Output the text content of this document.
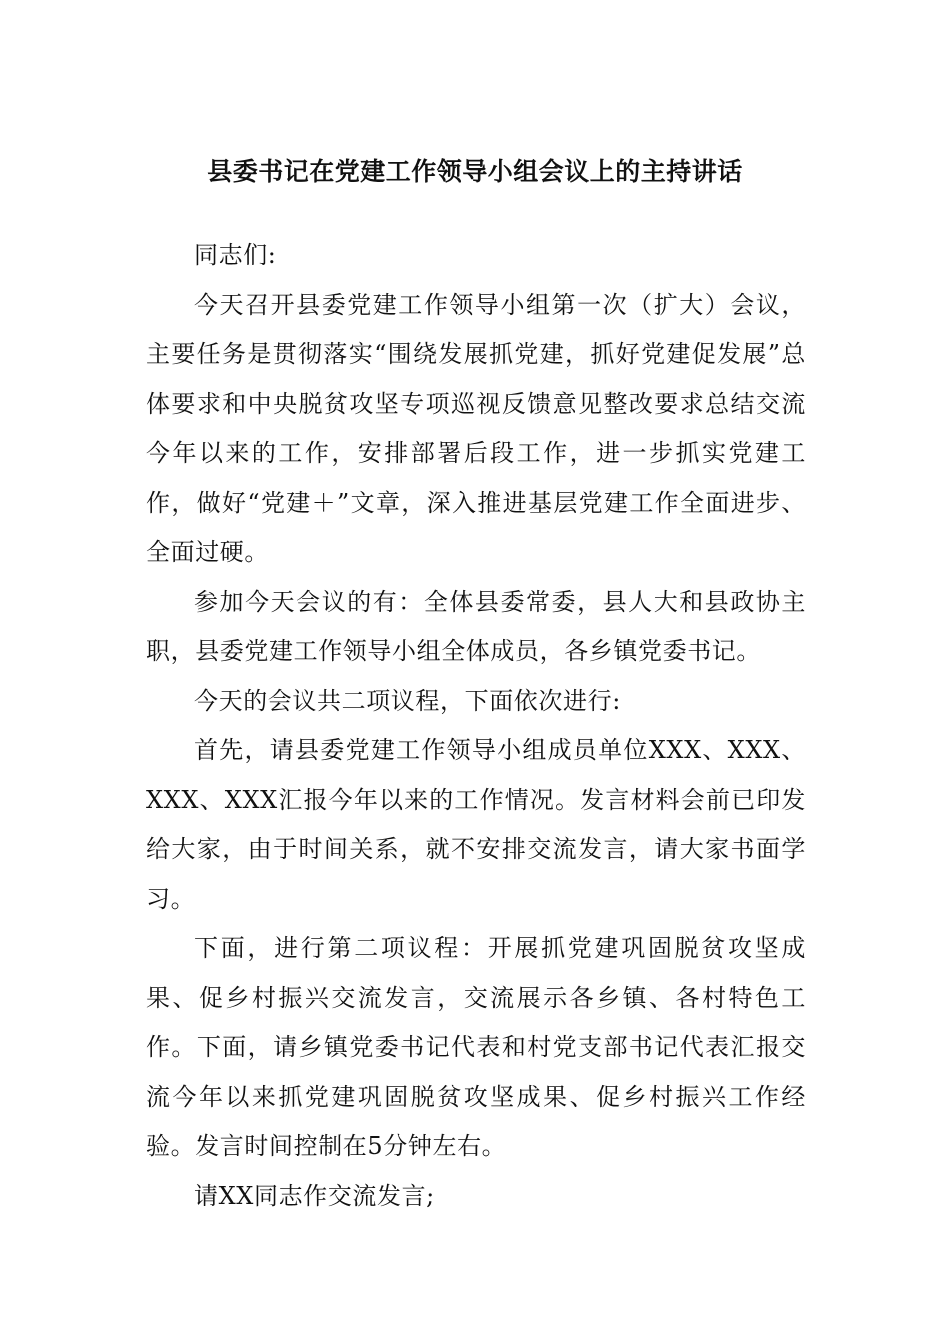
县委书记在党建工作领导小组会议上的主持讲话

同志们:

今天召开县委党建工作领导小组第一次（扩大）会议，主要任务是贯彻落实“围绕发展抓党建，抓好党建促发展”总体要求和中央脱贫攻坚专项巡视反馈意见整改要求总结交流今年以来的工作，安排部署后段工作，进一步抓实党建工作，做好“党建＋”文章，深入推进基层党建工作全面进步、全面过硬。

参加今天会议的有：全体县委常委，县人大和县政协主职，县委党建工作领导小组全体成员，各乡镇党委书记。

今天的会议共二项议程，下面依次进行:

首先，请县委党建工作领导小组成员单位XXX、XXX、XXX、XXX汇报今年以来的工作情况。发言材料会前已印发给大家，由于时间关系，就不安排交流发言，请大家书面学习。

下面，进行第二项议程：开展抓党建巩固脱贫攻坚成果、促乡村振兴交流发言，交流展示各乡镇、各村特色工作。下面，请乡镇党委书记代表和村党支部书记代表汇报交流今年以来抓党建巩固脱贫攻坚成果、促乡村振兴工作经验。发言时间控制在5分钟左右。

请XX同志作交流发言;
